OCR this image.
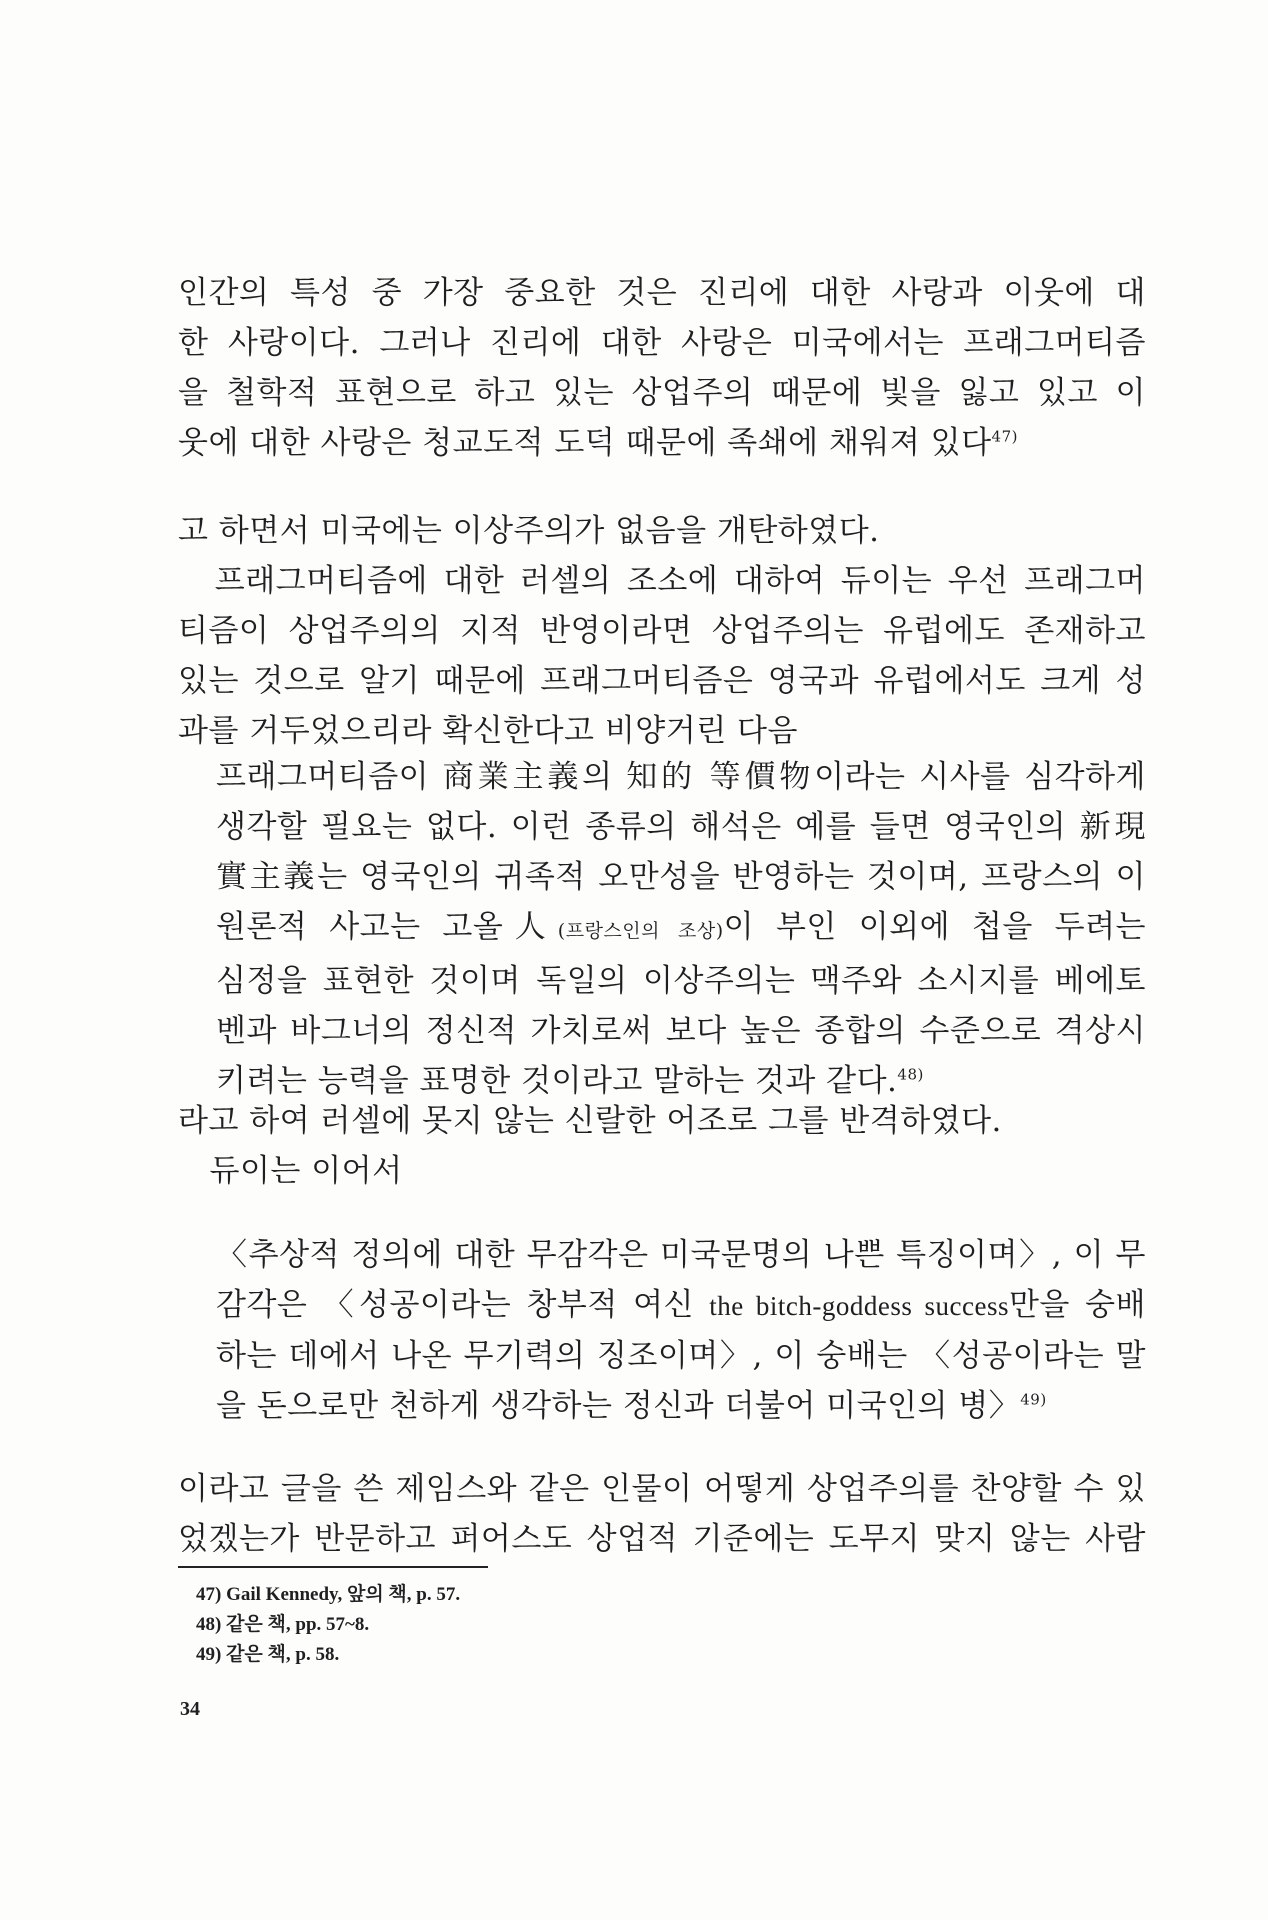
인간의 특성 중 가장 중요한 것은 진리에 대한 사랑과 이웃에 대
한 사랑이다. 그러나 진리에 대한 사랑은 미국에서는 프래그머티즘
을 철학적 표현으로 하고 있는 상업주의 때문에 빛을 잃고 있고 이
웃에 대한 사랑은 청교도적 도덕 때문에 족쇄에 채워져 있다$^{47)}$
고 하면서 미국에는 이상주의가 없음을 개탄하였다.
　프래그머티즘에 대한 러셀의 조소에 대하여 듀이는 우선 프래그머
티즘이 상업주의의 지적 반영이라면 상업주의는 유럽에도 존재하고
있는 것으로 알기 때문에 프래그머티즘은 영국과 유럽에서도 크게 성
과를 거두었으리라 확신한다고 비양거린 다음
프래그머티즘이 商業主義의 知的 等價物이라는 시사를 심각하게
생각할 필요는 없다. 이런 종류의 해석은 예를 들면 영국인의 新現
實主義는 영국인의 귀족적 오만성을 반영하는 것이며, 프랑스의 이
원론적 사고는 고올人(프랑스인의 조상)이 부인 이외에 첩을 두려는
심정을 표현한 것이며 독일의 이상주의는 맥주와 소시지를 베에토
벤과 바그너의 정신적 가치로써 보다 높은 종합의 수준으로 격상시
키려는 능력을 표명한 것이라고 말하는 것과 같다.$^{48)}$
라고 하여 러셀에 못지 않는 신랄한 어조로 그를 반격하였다.
　듀이는 이어서
〈추상적 정의에 대한 무감각은 미국문명의 나쁜 특징이며〉, 이 무
감각은 〈성공이라는 창부적 여신 the bitch-goddess success만을 숭배
하는 데에서 나온 무기력의 징조이며〉, 이 숭배는 〈성공이라는 말
을 돈으로만 천하게 생각하는 정신과 더불어 미국인의 병〉$^{49)}$
이라고 글을 쓴 제임스와 같은 인물이 어떻게 상업주의를 찬양할 수 있
었겠는가 반문하고 퍼어스도 상업적 기준에는 도무지 맞지 않는 사람
47) Gail Kennedy, 앞의 책, p. 57.
48) 같은 책, pp. 57~8.
49) 같은 책, p. 58.
34
